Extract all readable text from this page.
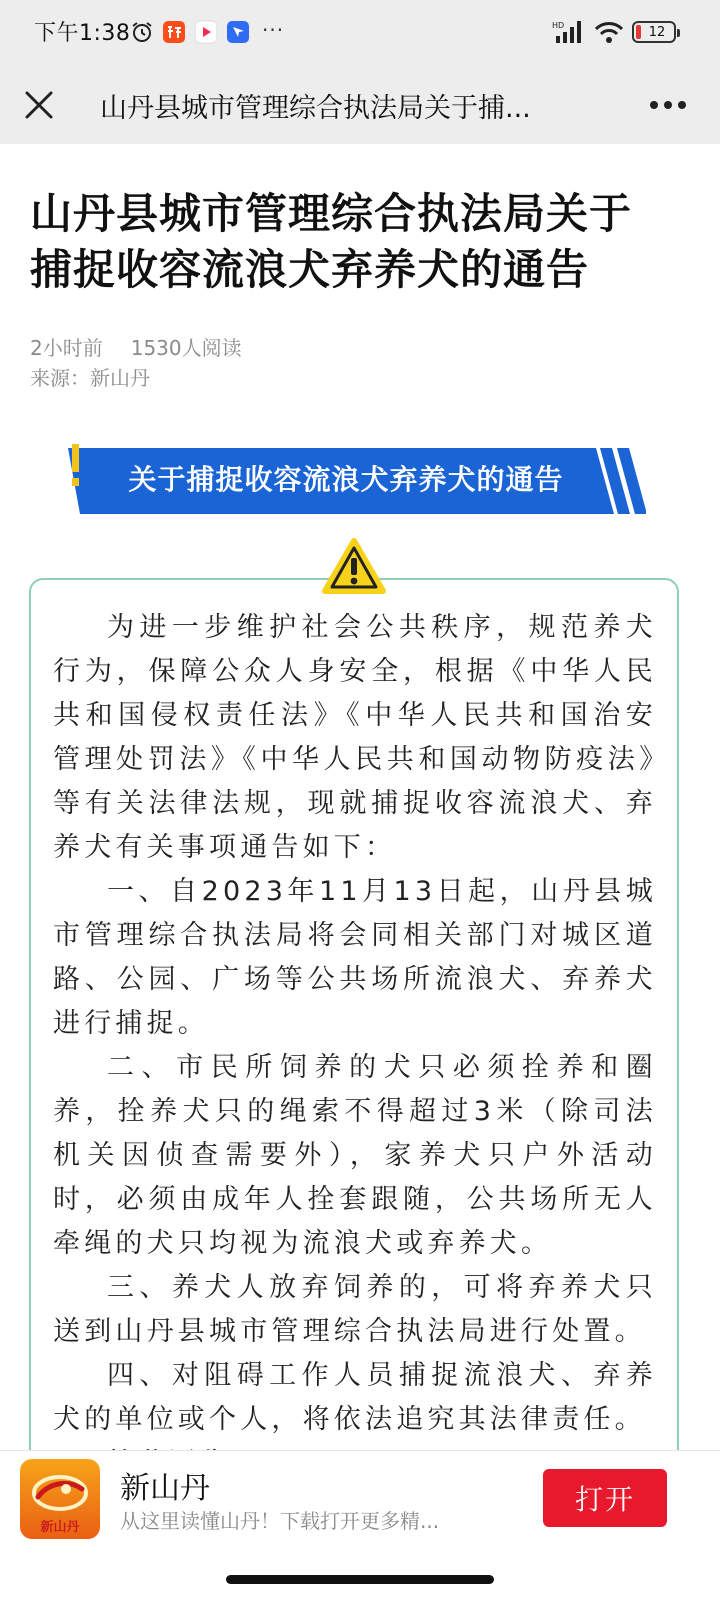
下午1:38	···	HD	12
山丹县城市管理综合执法局关于捕...
山丹县城市管理综合执法局关于捕捉收容流浪犬弃养犬的通告
2小时前 1530人阅读
来源：新山丹
关于捕捉收容流浪犬弃养犬的通告

为进一步维护社会公共秩序，规范养犬行为，保障公众人身安全，根据《中华人民共和国侵权责任法》《中华人民共和国治安管理处罚法》《中华人民共和国动物防疫法》等有关法律法规，现就捕捉收容流浪犬、弃养犬有关事项通告如下：

一、自2023年11月13日起，山丹县城市管理综合执法局将会同相关部门对城区道路、公园、广场等公共场所流浪犬、弃养犬进行捕捉。

二、市民所饲养的犬只必须拴养和圈养，拴养犬只的绳索不得超过3米（除司法机关因侦查需要外），家养犬只户外活动时，必须由成年人拴套跟随，公共场所无人牵绳的犬只均视为流浪犬或弃养犬。

三、养犬人放弃饲养的，可将弃养犬只送到山丹县城市管理综合执法局进行处置。

四、对阻碍工作人员捕捉流浪犬、弃养犬的单位或个人，将依法追究其法律责任。

新山丹
新山丹
从这里读懂山丹！下载打开更多精...
打开
